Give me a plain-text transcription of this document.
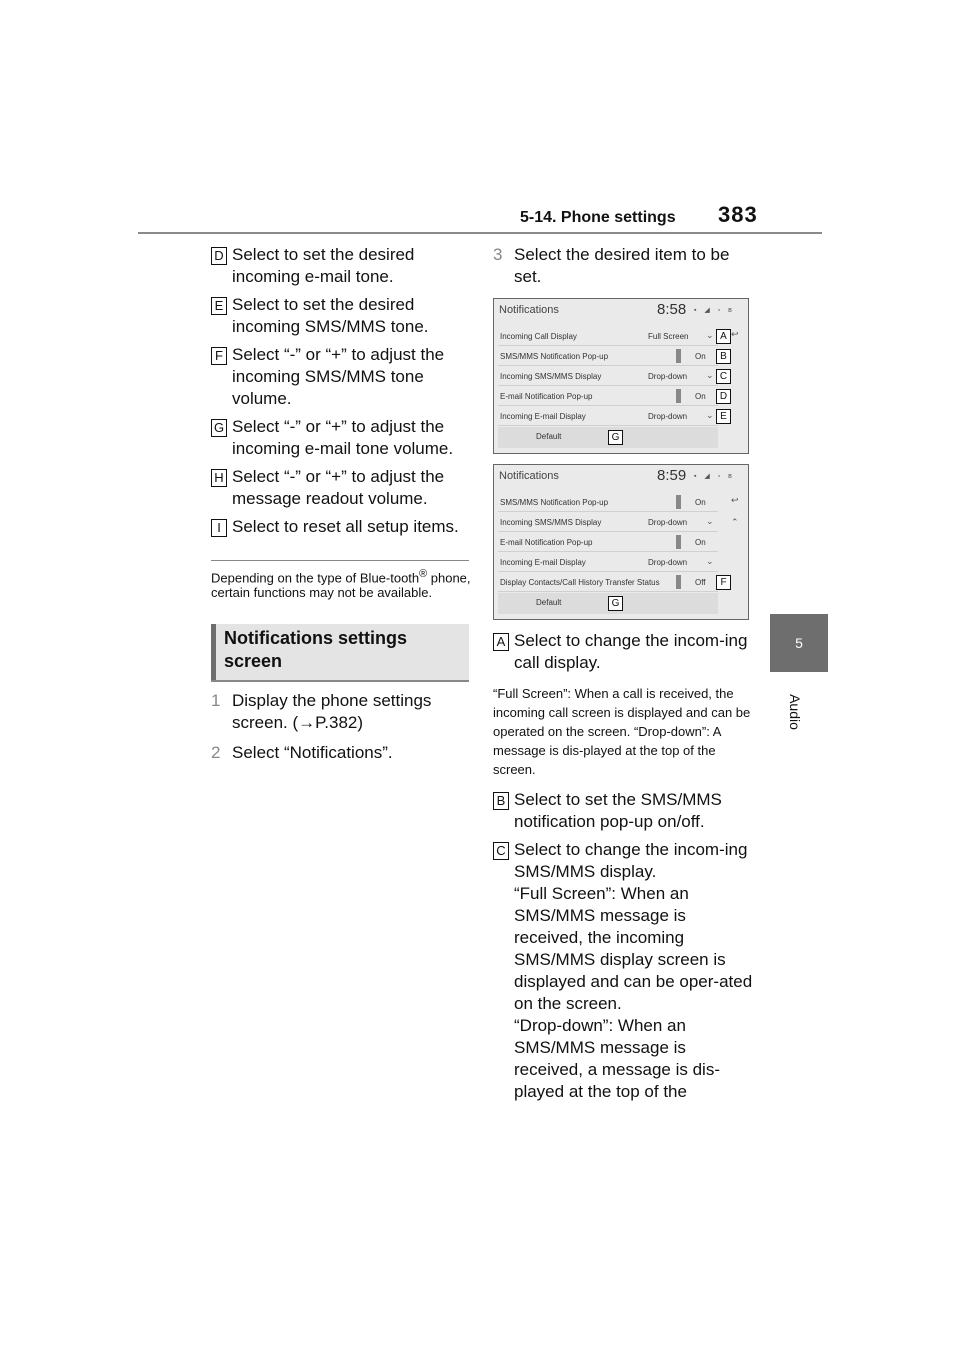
5-14. Phone settings 383
5
Audio
D Select to set the desired incoming e-mail tone.
E Select to set the desired incoming SMS/MMS tone.
F Select “-” or “+” to adjust the incoming SMS/MMS tone volume.
G Select “-” or “+” to adjust the incoming e-mail tone volume.
H Select “-” or “+” to adjust the message readout volume.
I Select to reset all setup items.
Depending on the type of Blue-tooth® phone, certain functions may not be available.
Notifications settings screen
1 Display the phone settings screen. (→P.382)
2 Select “Notifications”.
3 Select the desired item to be set.
Notifications	8:58 ▪ ◢ ▫ ʙ
Incoming Call Display	Full Screen ⌄ A
SMS/MMS Notification Pop-up	On	B
Incoming SMS/MMS Display	Drop-down ⌄ C
E-mail Notification Pop-up	On	D
Incoming E-mail Display	Drop-down ⌄ E
Default	G
↩
Notifications	8:59 ▪ ◢ ▫ ʙ
SMS/MMS Notification Pop-up	On
Incoming SMS/MMS Display	Drop-down ⌄
E-mail Notification Pop-up	On
Incoming E-mail Display	Drop-down ⌄
Display Contacts/Call History Transfer Status	Off	F
Default	G
↩
⌃
A Select to change the incom-ing call display.
“Full Screen”: When a call is received, the incoming call screen is displayed and can be operated on the screen. “Drop-down”: A message is dis-played at the top of the screen.
B Select to set the SMS/MMS notification pop-up on/off.
C Select to change the incom-ing SMS/MMS display.
“Full Screen”: When an SMS/MMS message is received, the incoming SMS/MMS display screen is displayed and can be oper-ated on the screen.
“Drop-down”: When an SMS/MMS message is received, a message is dis-played at the top of the
